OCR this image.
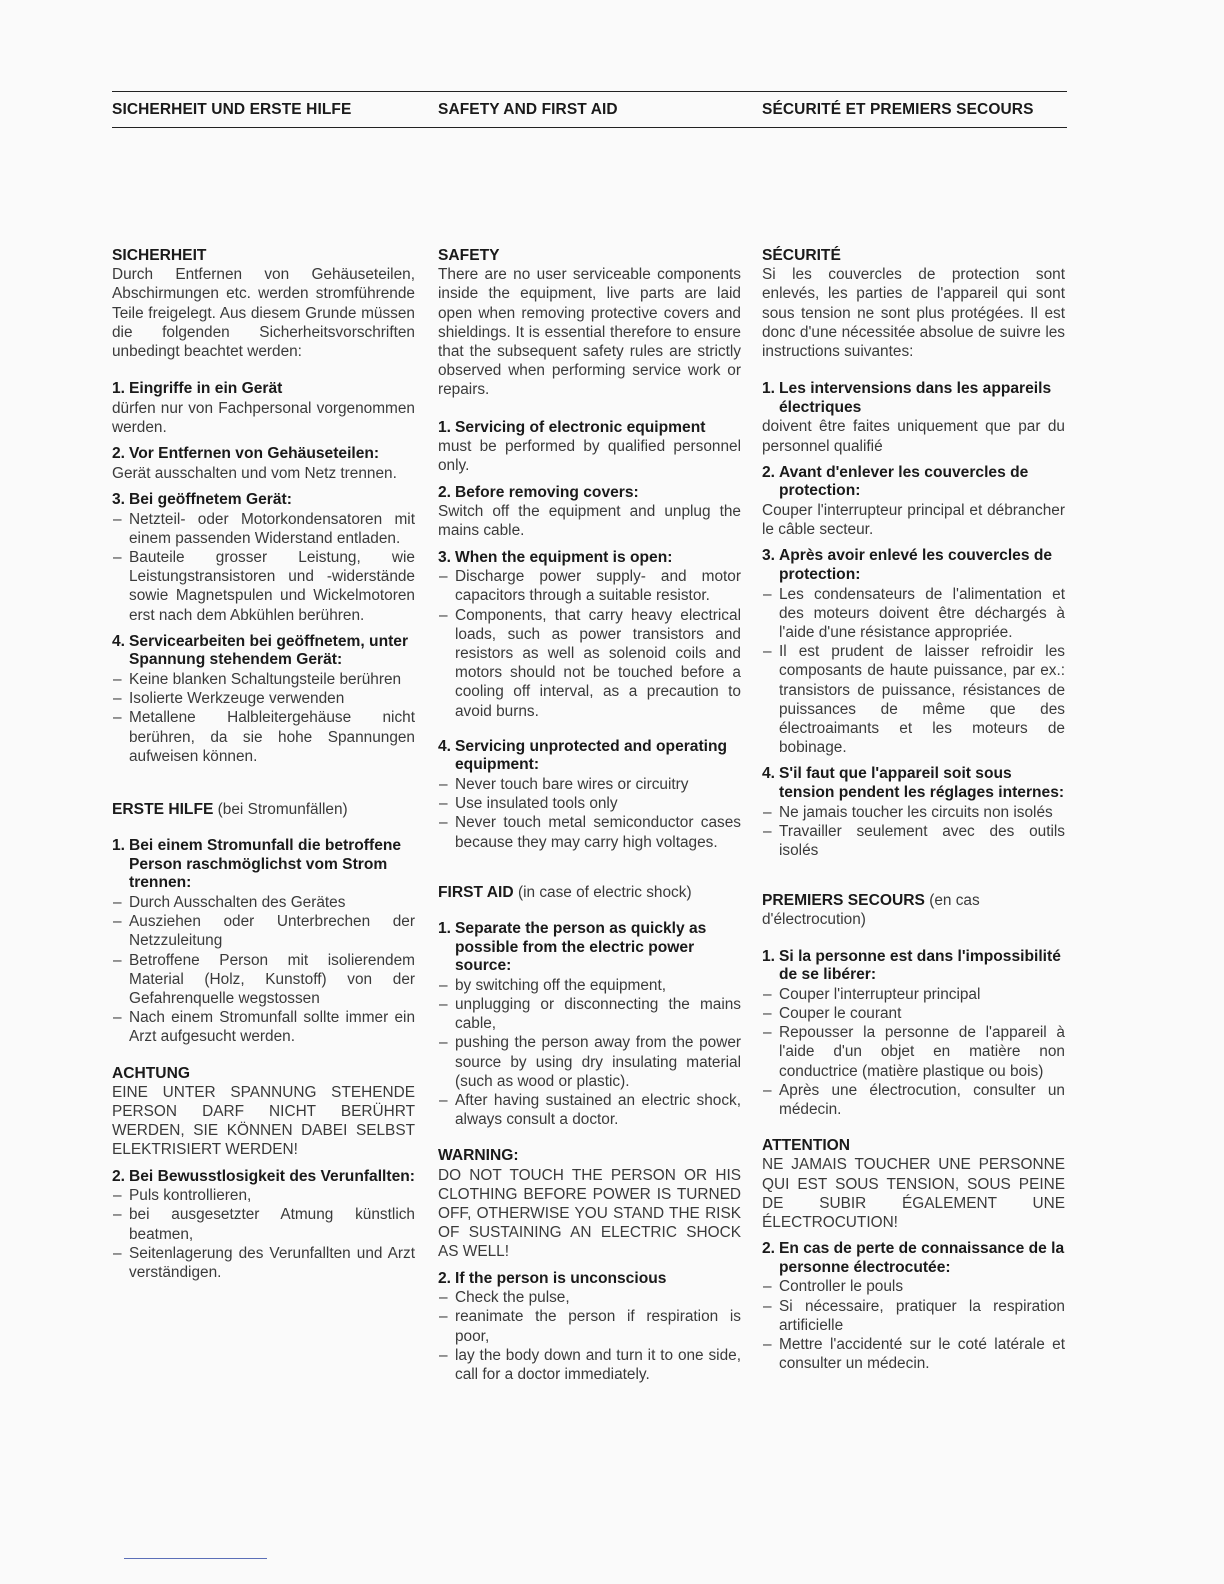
SICHERHEIT UND ERSTE HILFE	SAFETY AND FIRST AID	SÉCURITÉ ET PREMIERS SECOURS
SICHERHEIT

Durch Entfernen von Gehäuseteilen, Abschirmungen etc. werden stromführende Teile freigelegt. Aus diesem Grunde müssen die folgenden Sicherheitsvorschriften unbedingt beachtet werden:

1. Eingriffe in ein Gerät

dürfen nur von Fachpersonal vorgenommen werden.

2. Vor Entfernen von Gehäuseteilen:

Gerät ausschalten und vom Netz trennen.

3. Bei geöffnetem Gerät:
– Netzteil- oder Motorkondensatoren mit einem passenden Widerstand entladen.
– Bauteile grosser Leistung, wie Leistungstransistoren und -widerstände sowie Magnetspulen und Wickelmotoren erst nach dem Abkühlen berühren.
4. Servicearbeiten bei geöffnetem, unter Spannung stehendem Gerät:
– Keine blanken Schaltungsteile berühren
– Isolierte Werkzeuge verwenden
– Metallene Halbleitergehäuse nicht berühren, da sie hohe Spannungen aufweisen können.
ERSTE HILFE (bei Stromunfällen)
1. Bei einem Stromunfall die betroffene Person raschmöglichst vom Strom trennen:
– Durch Ausschalten des Gerätes
– Ausziehen oder Unterbrechen der Netzzuleitung
– Betroffene Person mit isolierendem Material (Holz, Kunstoff) von der Gefahrenquelle wegstossen
– Nach einem Stromunfall sollte immer ein Arzt aufgesucht werden.
ACHTUNG

EINE UNTER SPANNUNG STEHENDE PERSON DARF NICHT BERÜHRT WERDEN, SIE KÖNNEN DABEI SELBST ELEKTRISIERT WERDEN!

2. Bei Bewusstlosigkeit des Verunfallten:
– Puls kontrollieren,
– bei ausgesetzter Atmung künstlich beatmen,
– Seitenlagerung des Verunfallten und Arzt verständigen.
SAFETY

There are no user serviceable components inside the equipment, live parts are laid open when removing protective covers and shieldings. It is essential therefore to ensure that the subsequent safety rules are strictly observed when performing service work or repairs.

1. Servicing of electronic equipment

must be performed by qualified personnel only.

2. Before removing covers:

Switch off the equipment and unplug the mains cable.

3. When the equipment is open:
– Discharge power supply- and motor capacitors through a suitable resistor.
– Components, that carry heavy electrical loads, such as power transistors and resistors as well as solenoid coils and motors should not be touched before a cooling off interval, as a precaution to avoid burns.
4. Servicing unprotected and operating equipment:
– Never touch bare wires or circuitry
– Use insulated tools only
– Never touch metal semiconductor cases because they may carry high voltages.
FIRST AID (in case of electric shock)
1. Separate the person as quickly as possible from the electric power source:
– by switching off the equipment,
– unplugging or disconnecting the mains cable,
– pushing the person away from the power source by using dry insulating material (such as wood or plastic).
– After having sustained an electric shock, always consult a doctor.
WARNING:

DO NOT TOUCH THE PERSON OR HIS CLOTHING BEFORE POWER IS TURNED OFF, OTHERWISE YOU STAND THE RISK OF SUSTAINING AN ELECTRIC SHOCK AS WELL!

2. If the person is unconscious
– Check the pulse,
– reanimate the person if respiration is poor,
– lay the body down and turn it to one side, call for a doctor immediately.
SÉCURITÉ

Si les couvercles de protection sont enlevés, les parties de l'appareil qui sont sous tension ne sont plus protégées. Il est donc d'une nécessitée absolue de suivre les instructions suivantes:

1. Les intervensions dans les appareils électriques

doivent être faites uniquement que par du personnel qualifié

2. Avant d'enlever les couvercles de protection:

Couper l'interrupteur principal et débrancher le câble secteur.

3. Après avoir enlevé les couvercles de protection:
– Les condensateurs de l'alimentation et des moteurs doivent être déchargés à l'aide d'une résistance appropriée.
– Il est prudent de laisser refroidir les composants de haute puissance, par ex.: transistors de puissance, résistances de puissances de même que des électroaimants et les moteurs de bobinage.
4. S'il faut que l'appareil soit sous tension pendent les réglages internes:
– Ne jamais toucher les circuits non isolés
– Travailler seulement avec des outils isolés
PREMIERS SECOURS (en cas d'électrocution)
1. Si la personne est dans l'impossibilité de se libérer:
– Couper l'interrupteur principal
– Couper le courant
– Repousser la personne de l'appareil à l'aide d'un objet en matière non conductrice (matière plastique ou bois)
– Après une électrocution, consulter un médecin.
ATTENTION

NE JAMAIS TOUCHER UNE PERSONNE QUI EST SOUS TENSION, SOUS PEINE DE SUBIR ÉGALEMENT UNE ÉLECTROCUTION!

2. En cas de perte de connaissance de la personne électrocutée:
– Controller le pouls
– Si nécessaire, pratiquer la respiration artificielle
– Mettre l'accidenté sur le coté latérale et consulter un médecin.
